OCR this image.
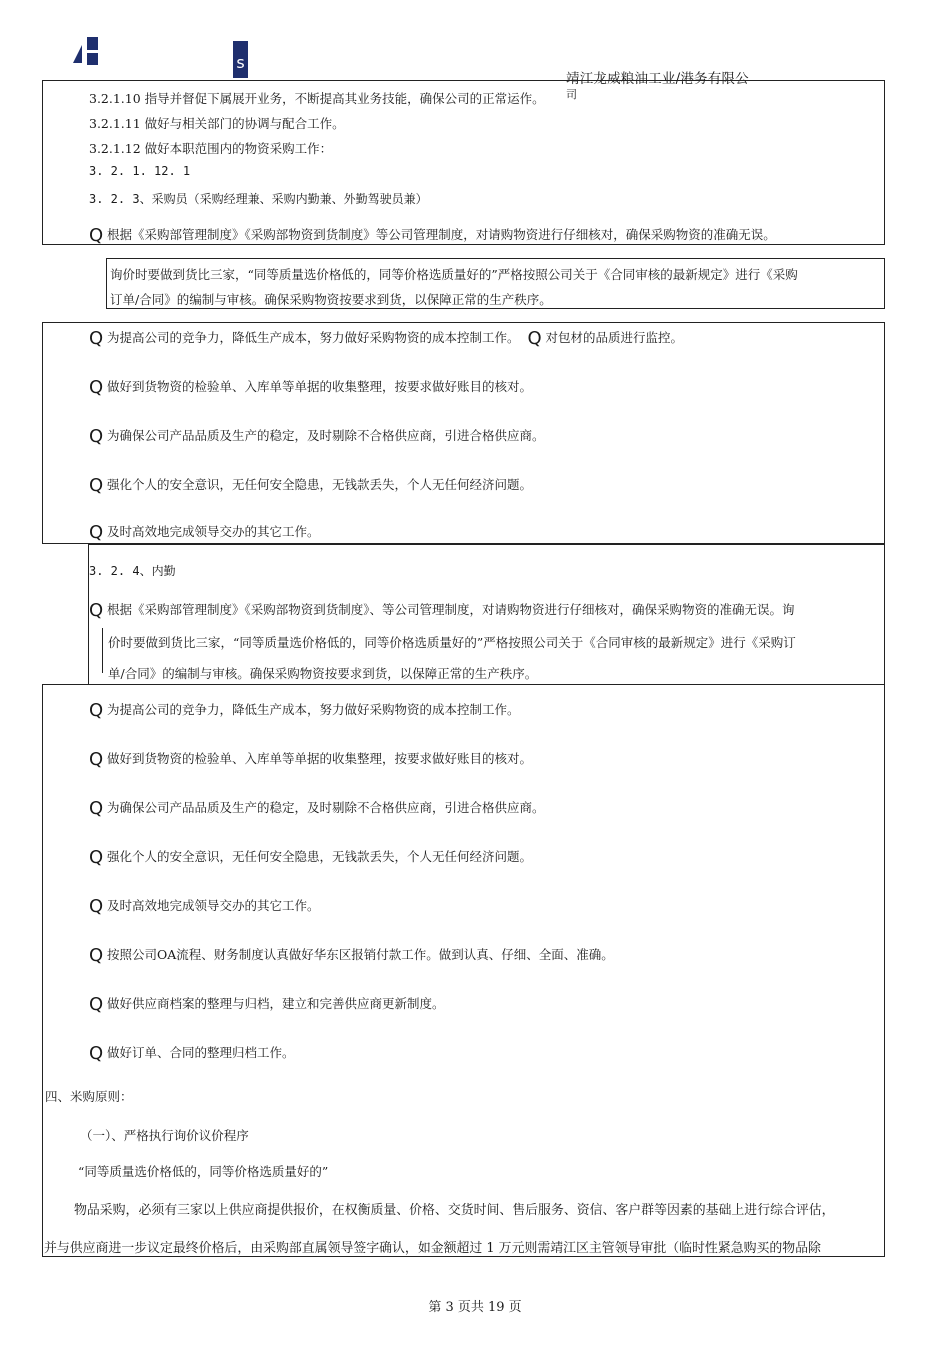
s
靖江龙威粮油工业/港务有限公
司
3.2.1.10 指导并督促下属展开业务，不断提高其业务技能，确保公司的正常运作。
3.2.1.11 做好与相关部门的协调与配合工作。
3.2.1.12 做好本职范围内的物资采购工作：
3. 2. 1. 12. 1
3. 2. 3、采购员（采购经理兼、采购内勤兼、外勤驾驶员兼）
Q 根据《采购部管理制度》《采购部物资到货制度》等公司管理制度，对请购物资进行仔细核对，确保采购物资的准确无误。
询价时要做到货比三家，“同等质量选价格低的，同等价格选质量好的”严格按照公司关于《合同审核的最新规定》进行《采购
订单/合同》的编制与审核。确保采购物资按要求到货，以保障正常的生产秩序。
Q 为提高公司的竞争力，降低生产成本，努力做好采购物资的成本控制工作。 Q 对包材的品质进行监控。
Q 做好到货物资的检验单、入库单等单据的收集整理，按要求做好账目的核对。
Q 为确保公司产品品质及生产的稳定，及时剔除不合格供应商，引进合格供应商。
Q 强化个人的安全意识，无任何安全隐患，无钱款丢失，个人无任何经济问题。
Q 及时高效地完成领导交办的其它工作。
3. 2. 4、内勤
Q 根据《采购部管理制度》《采购部物资到货制度》、等公司管理制度，对请购物资进行仔细核对，确保采购物资的准确无误。询
价时要做到货比三家，“同等质量选价格低的，同等价格选质量好的”严格按照公司关于《合同审核的最新规定》进行《采购订
单/合同》的编制与审核。确保采购物资按要求到货，以保障正常的生产秩序。
Q 为提高公司的竞争力，降低生产成本，努力做好采购物资的成本控制工作。
Q 做好到货物资的检验单、入库单等单据的收集整理，按要求做好账目的核对。
Q 为确保公司产品品质及生产的稳定，及时剔除不合格供应商，引进合格供应商。
Q 强化个人的安全意识，无任何安全隐患，无钱款丢失，个人无任何经济问题。
Q 及时高效地完成领导交办的其它工作。
Q 按照公司OA流程、财务制度认真做好华东区报销付款工作。做到认真、仔细、全面、准确。
Q 做好供应商档案的整理与归档，建立和完善供应商更新制度。
Q 做好订单、合同的整理归档工作。
四、米购原则：
（一）、严格执行询价议价程序
“同等质量选价格低的，同等价格选质量好的”
物品采购，必须有三家以上供应商提供报价，在权衡质量、价格、交货时间、售后服务、资信、客户群等因素的基础上进行综合评估，
并与供应商进一步议定最终价格后，由采购部直属领导签字确认，如金额超过 1 万元则需靖江区主管领导审批（临时性紧急购买的物品除
第 3 页共 19 页
